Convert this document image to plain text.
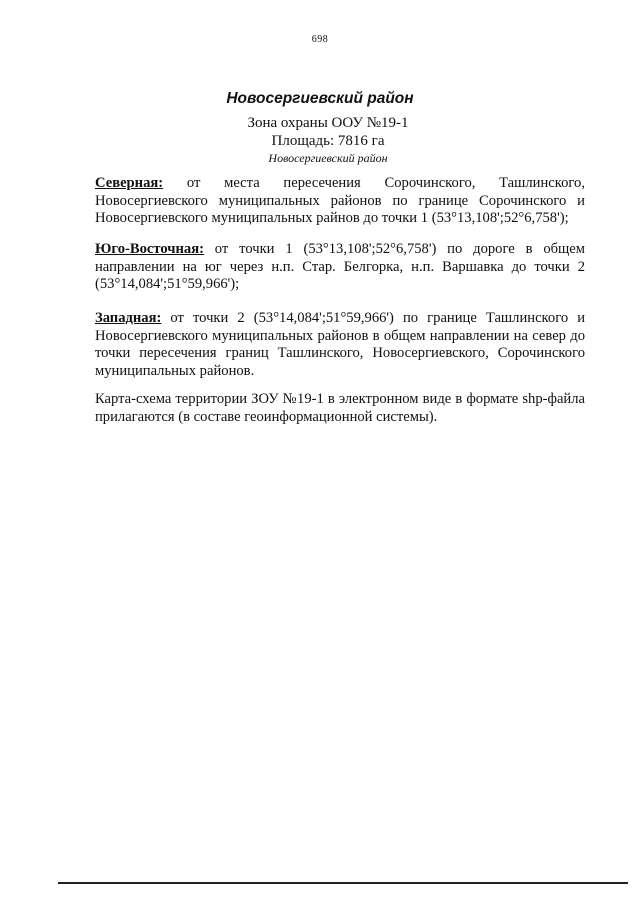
698
Новосергиевский район
Зона охраны ООУ №19-1
Площадь: 7816 га
Новосергиевский район
Северная: от места пересечения Сорочинского, Ташлинского, Новосергиевского муниципальных районов по границе Сорочинского и Новосергиевского муниципальных райнов до точки 1 (53°13,108';52°6,758');
Юго-Восточная: от точки 1 (53°13,108';52°6,758') по дороге в общем направлении на юг через н.п. Стар. Белгорка, н.п. Варшавка до точки 2 (53°14,084';51°59,966');
Западная: от точки 2 (53°14,084';51°59,966') по границе Ташлинского и Новосергиевского муниципальных районов в общем направлении на север до точки пересечения границ Ташлинского, Новосергиевского, Сорочинского муниципальных районов.
Карта-схема территории ЗОУ №19-1 в электронном виде в формате shp-файла прилагаются (в составе геоинформационной системы).
